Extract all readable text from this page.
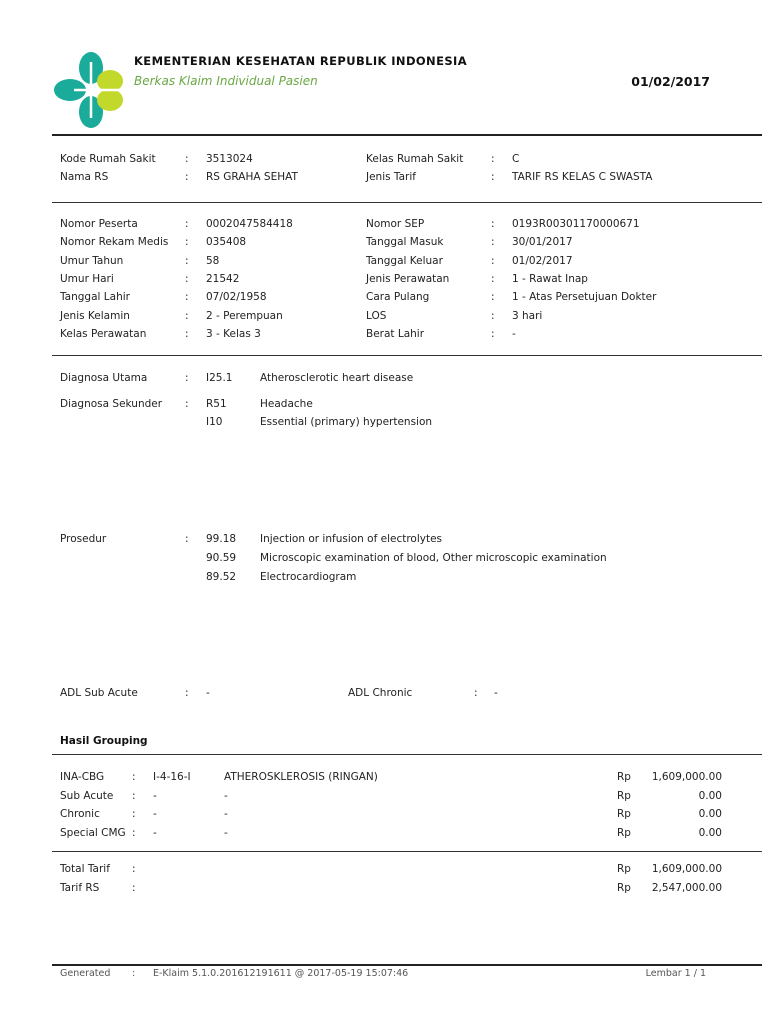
KEMENTERIAN KESEHATAN REPUBLIK INDONESIA
Berkas Klaim Individual Pasien	01/02/2017
Kode Rumah Sakit	: 3513024	Kelas Rumah Sakit	: C
Nama RS	: RS GRAHA SEHAT	Jenis Tarif	: TARIF RS KELAS C SWASTA
Nomor Peserta	: 0002047584418	Nomor SEP	: 0193R00301170000671
Nomor Rekam Medis : 035408	Tanggal Masuk	: 30/01/2017
Umur Tahun	: 58	Tanggal Keluar	: 01/02/2017
Umur Hari	: 21542	Jenis Perawatan	: 1 - Rawat Inap
Tanggal Lahir	: 07/02/1958	Cara Pulang	: 1 - Atas Persetujuan Dokter
Jenis Kelamin	: 2 - Perempuan	LOS	: 3 hari
Kelas Perawatan	: 3 - Kelas 3	Berat Lahir	: -
Diagnosa Utama	: I25.1	Atherosclerotic heart disease
Diagnosa Sekunder : R51	Headache
I10	Essential (primary) hypertension
Prosedur	: 99.18 Injection or infusion of electrolytes
90.59 Microscopic examination of blood, Other microscopic examination
89.52 Electrocardiogram
ADL Sub Acute	: -	ADL Chronic	: -
Hasil Grouping
INA-CBG	: I-4-16-I	ATHEROSKLEROSIS (RINGAN)	Rp 1,609,000.00
Sub Acute : -	-	Rp	0.00
Chronic	: -	-	Rp	0.00
Special CMG : -	-	Rp	0.00
Total Tarif :	Rp 1,609,000.00
Tarif RS	:	Rp 2,547,000.00
Generated : E-Klaim 5.1.0.201612191611 @ 2017-05-19 15:07:46	Lembar 1 / 1
